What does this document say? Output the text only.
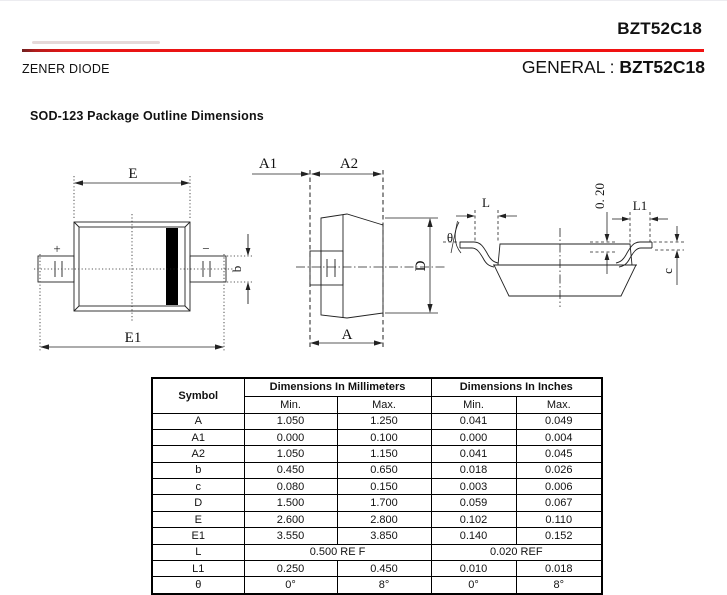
BZT52C18
ZENER DIODE	GENERAL : BZT52C18
SOD-123 Package Outline Dimensions
E
+	−
b
E1
A1	A2
A
D
L
θ
0. 20 L1
c
Symbol	Dimensions In Millimeters		Dimensions In Inches	
	Min.	Max.	Min.	Max.
A	1.050	1.250	0.041	0.049
A1	0.000	0.100	0.000	0.004
A2	1.050	1.150	0.041	0.045
b	0.450	0.650	0.018	0.026
c	0.080	0.150	0.003	0.006
D	1.500	1.700	0.059	0.067
E	2.600	2.800	0.102	0.110
E1	3.550	3.850	0.140	0.152
L	0.500 RE F		0.020 REF	
L1	0.250	0.450	0.010	0.018
θ	0°	8°	0°	8°
